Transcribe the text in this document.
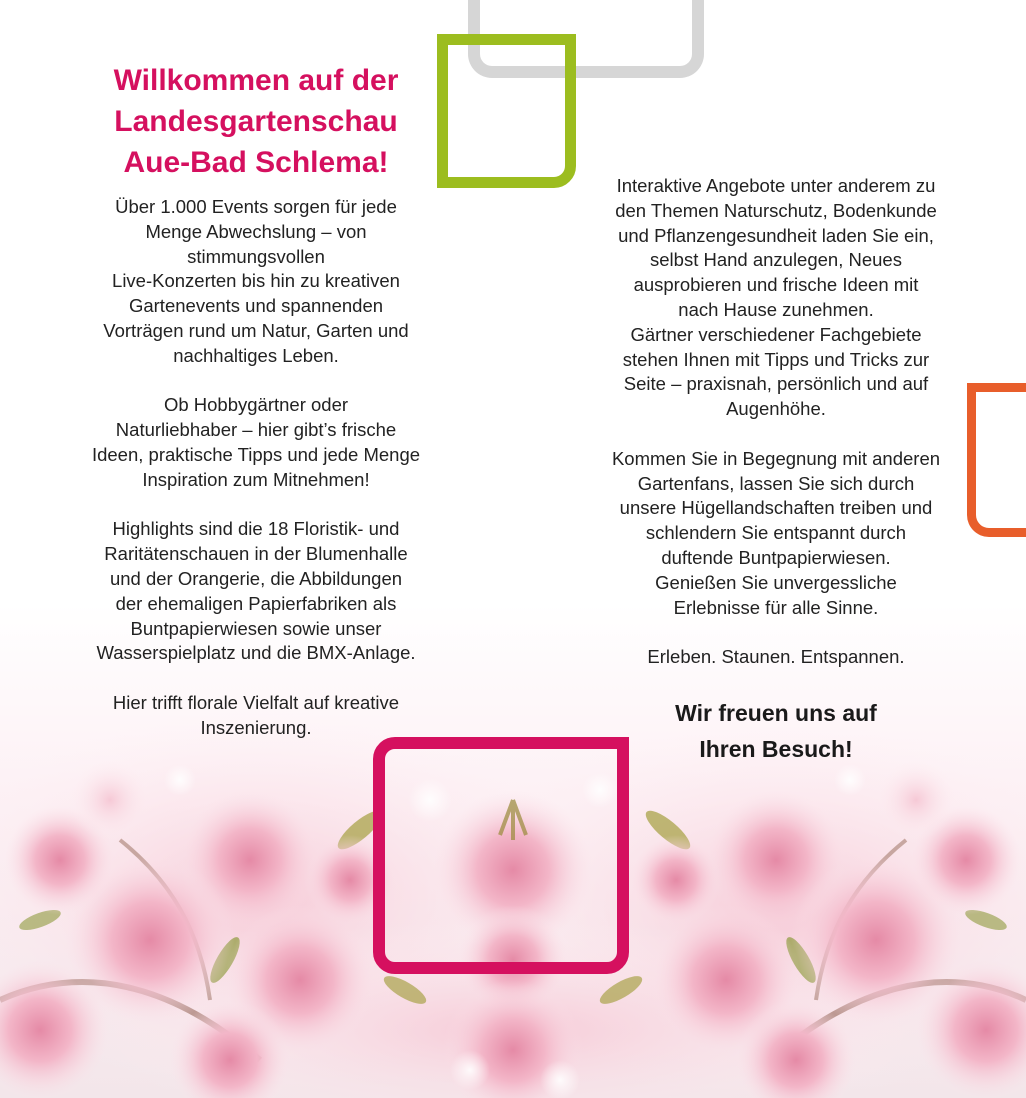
Willkommen auf der
Landesgartenschau
Aue-Bad Schlema!

Über 1.000 Events sorgen für jede
Menge Abwechslung – von
stimmungsvollen
Live-Konzerten bis hin zu kreativen
Gartenevents und spannenden
Vorträgen rund um Natur, Garten und
nachhaltiges Leben.

Ob Hobbygärtner oder
Naturliebhaber – hier gibt’s frische
Ideen, praktische Tipps und jede Menge
Inspiration zum Mitnehmen!

Highlights sind die 18 Floristik- und
Raritätenschauen in der Blumenhalle
und der Orangerie, die Abbildungen
der ehemaligen Papierfabriken als
Buntpapierwiesen sowie unser
Wasserspielplatz und die BMX-Anlage.

Hier trifft florale Vielfalt auf kreative
Inszenierung.

Interaktive Angebote unter anderem zu
den Themen Naturschutz, Bodenkunde
und Pflanzengesundheit laden Sie ein,
selbst Hand anzulegen, Neues
ausprobieren und frische Ideen mit
nach Hause zunehmen.
Gärtner verschiedener Fachgebiete
stehen Ihnen mit Tipps und Tricks zur
Seite – praxisnah, persönlich und auf
Augenhöhe.

Kommen Sie in Begegnung mit anderen
Gartenfans, lassen Sie sich durch
unsere Hügellandschaften treiben und
schlendern Sie entspannt durch
duftende Buntpapierwiesen.
Genießen Sie unvergessliche
Erlebnisse für alle Sinne.

Erleben. Staunen. Entspannen.

Wir freuen uns auf
Ihren Besuch!
